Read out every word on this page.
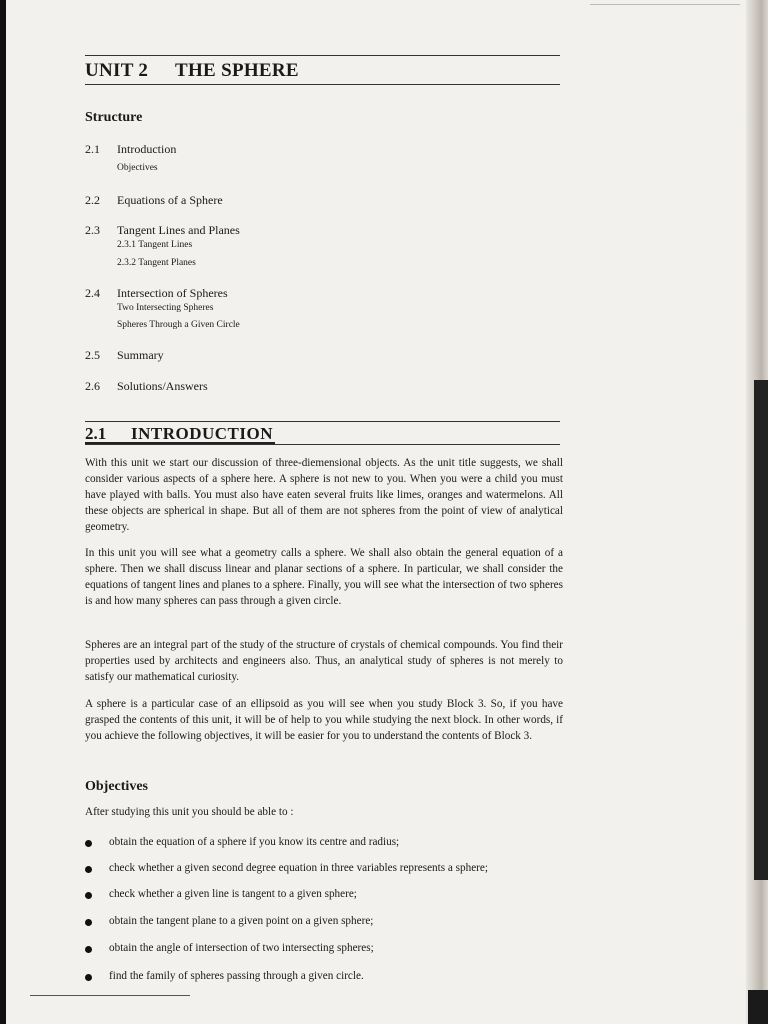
UNIT 2 THE SPHERE
Structure
2.1	Introduction
Objectives
2.2	Equations of a Sphere
2.3	Tangent Lines and Planes
2.3.1 Tangent Lines
2.3.2 Tangent Planes
2.4	Intersection of Spheres
Two Intersecting Spheres
Spheres Through a Given Circle
2.5	Summary
2.6	Solutions/Answers
2.1 INTRODUCTION
With this unit we start our discussion of three-diemensional objects. As the unit title suggests, we shall consider various aspects of a sphere here. A sphere is not new to you. When you were a child you must have played with balls. You must also have eaten several fruits like limes, oranges and watermelons. All these objects are spherical in shape. But all of them are not spheres from the point of view of analytical geometry.
In this unit you will see what a geometry calls a sphere. We shall also obtain the general equation of a sphere. Then we shall discuss linear and planar sections of a sphere. In particular, we shall consider the equations of tangent lines and planes to a sphere. Finally, you will see what the intersection of two spheres is and how many spheres can pass through a given circle.
Spheres are an integral part of the study of the structure of crystals of chemical compounds. You find their properties used by architects and engineers also. Thus, an analytical study of spheres is not merely to satisfy our mathematical curiosity.
A sphere is a particular case of an ellipsoid as you will see when you study Block 3. So, if you have grasped the contents of this unit, it will be of help to you while studying the next block. In other words, if you achieve the following objectives, it will be easier for you to understand the contents of Block 3.
Objectives
After studying this unit you should be able to :
obtain the equation of a sphere if you know its centre and radius;
check whether a given second degree equation in three variables represents a sphere;
check whether a given line is tangent to a given sphere;
obtain the tangent plane to a given point on a given sphere;
obtain the angle of intersection of two intersecting spheres;
find the family of spheres passing through a given circle.
